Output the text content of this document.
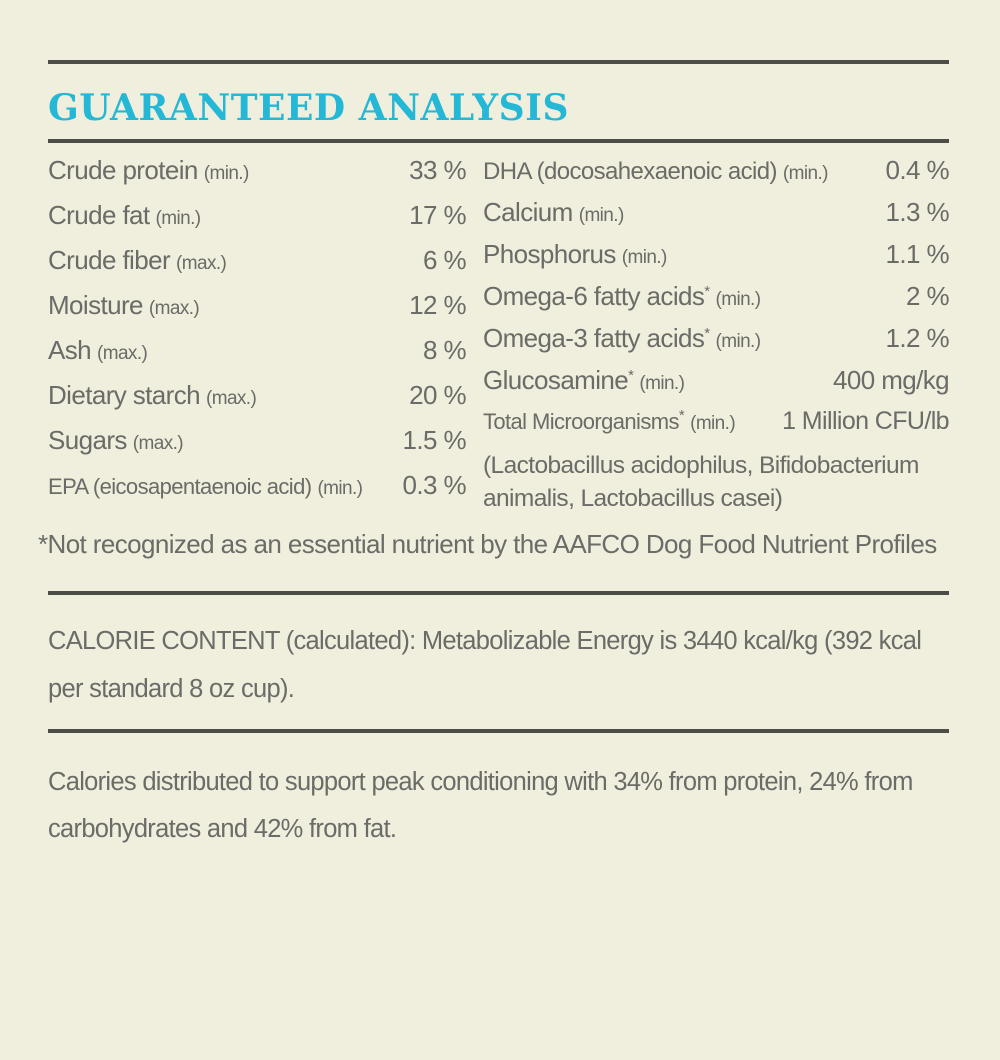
GUARANTEED ANALYSIS
Crude protein (min.)	33 %
Crude fat (min.)	17 %
Crude fiber (max.)	6 %
Moisture (max.)	12 %
Ash (max.)	8 %
Dietary starch (max.)	20 %
Sugars (max.)	1.5 %
EPA (eicosapentaenoic acid) (min.) 0.3 %
DHA (docosahexaenoic acid) (min.) 0.4 %
Calcium (min.)	1.3 %
Phosphorus (min.)	1.1 %
Omega-6 fatty acids* (min.)	2 %
Omega-3 fatty acids* (min.)	1.2 %
Glucosamine* (min.)	400 mg/kg
Total Microorganisms* (min.) 1 Million CFU/lb
(Lactobacillus acidophilus, Bifidobacterium animalis, Lactobacillus casei)

*Not recognized as an essential nutrient by the AAFCO Dog Food Nutrient Profiles

CALORIE CONTENT (calculated): Metabolizable Energy is 3440 kcal/kg (392 kcal per standard 8 oz cup).

Calories distributed to support peak conditioning with 34% from protein, 24% from carbohydrates and 42% from fat.
